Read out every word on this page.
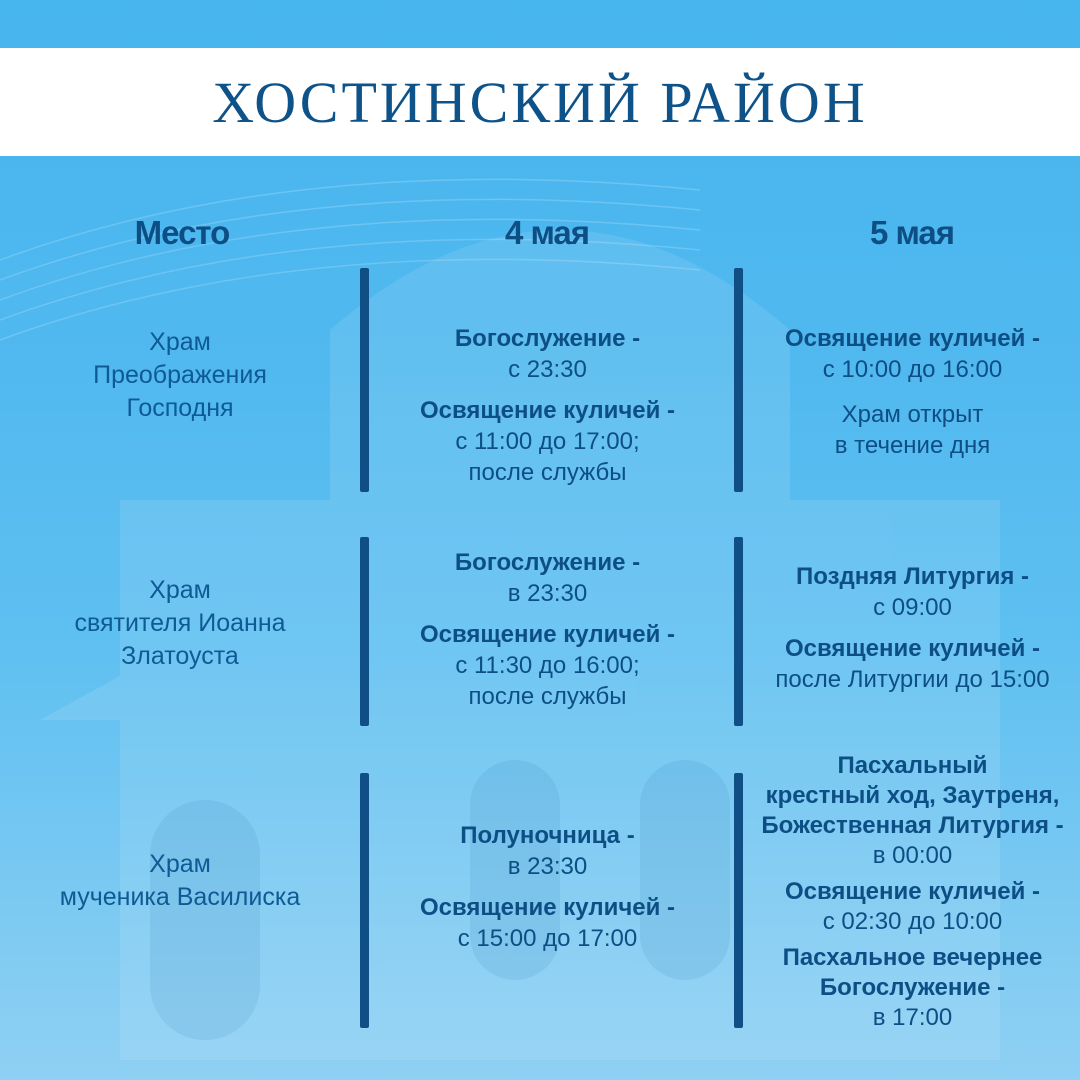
ХОСТИНСКИЙ РАЙОН
Место	4 мая	5 мая
Храм
Преображения
Господня
Богослужение -
с 23:30
Освящение куличей -
с 11:00 до 17:00;
после службы
Освящение куличей -
с 10:00 до 16:00
Храм открыт
в течение дня
Храм
святителя Иоанна
Златоуста
Богослужение -
в 23:30
Освящение куличей -
с 11:30 до 16:00;
после службы
Поздняя Литургия -
с 09:00
Освящение куличей -
после Литургии до 15:00
Храм
мученика Василиска
Полуночница -
в 23:30
Освящение куличей -
с 15:00 до 17:00
Пасхальный
крестный ход, Заутреня,
Божественная Литургия -
в 00:00
Освящение куличей -
с 02:30 до 10:00
Пасхальное вечернее
Богослужение -
в 17:00
